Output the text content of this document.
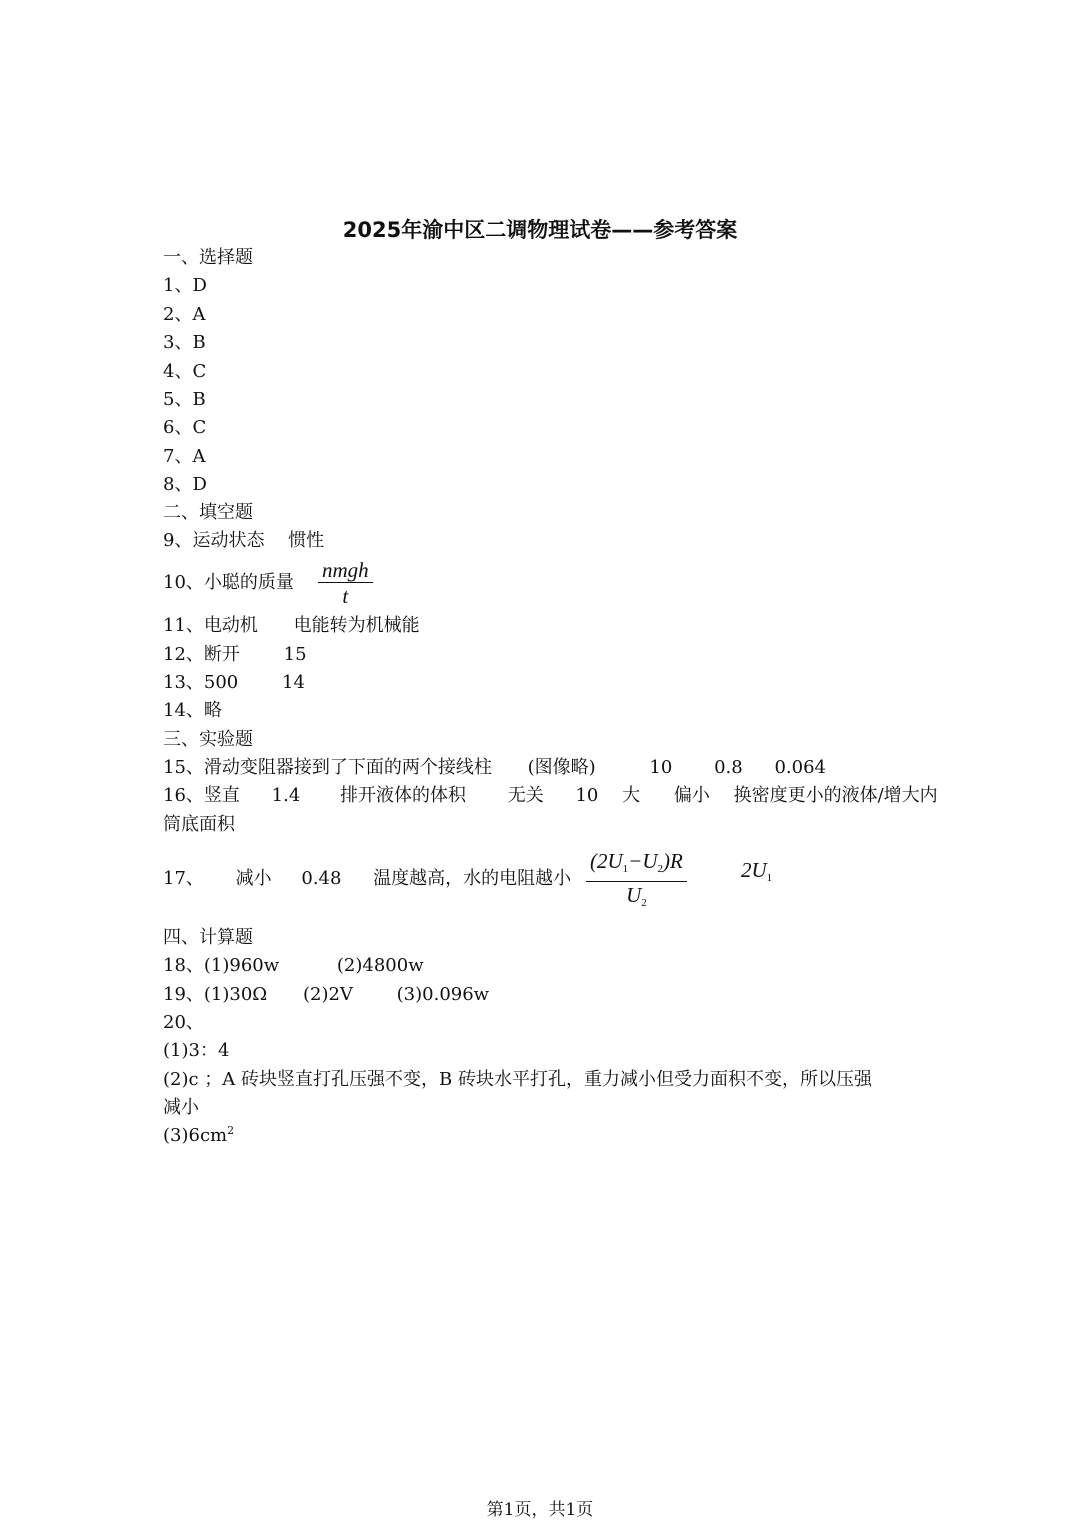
2025年渝中区二调物理试卷——参考答案
一、选择题
1、D
2、A
3、B
4、C
5、B
6、C
7、A
8、D
二、填空题
9、运动状态 惯性
10、小聪的质量
nmgh
t
11、电动机 电能转为机械能
12、断开 15
13、500 14
14、略
三、实验题
15、滑动变阻器接到了下面的两个接线柱 (图像略)	10 0.8 0.064
16、竖直 1.4 排开液体的体积 无关 10 大 偏小 换密度更小的液体/增大内
筒底面积
17、 减小 0.48 温度越高，水的电阻越小
$(2U_1-U_2)R$
$U_2$
$2U_1$
四、计算题
18、(1)960w	(2)4800w
19、(1)30Ω (2)2V (3)0.096w
20、
(1)3：4
(2)c ；A 砖块竖直打孔压强不变，B 砖块水平打孔，重力减小但受力面积不变，所以压强
减小
$(3)6cm^2$
第1页，共1页
